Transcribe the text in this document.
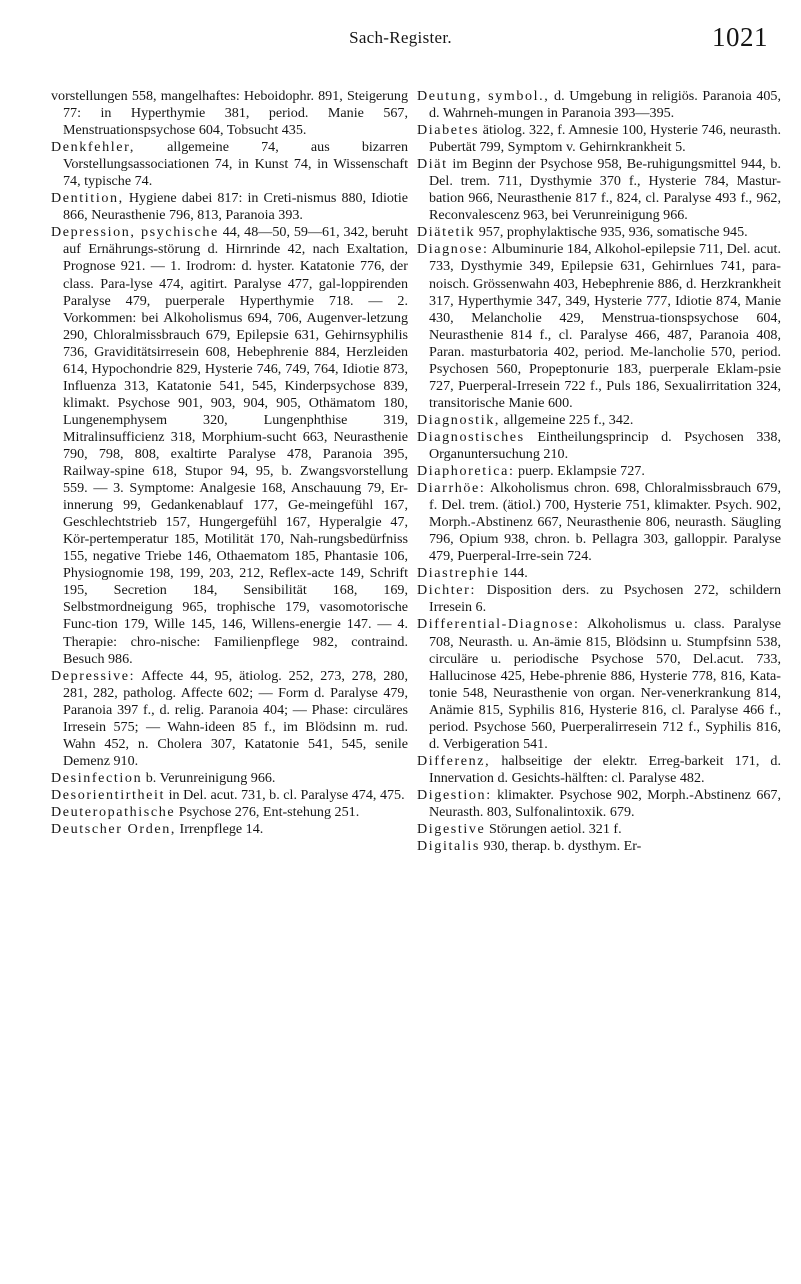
Sach-Register.	1021

vorstellungen 558, mangelhaftes: Heboidophr. 891, Steigerung 77: in Hyperthymie 381, period. Manie 567, Menstruationspsychose 604, Tobsucht 435.

Denkfehler, allgemeine 74, aus bizarren Vorstellungsassociationen 74, in Kunst 74, in Wissenschaft 74, typische 74.

Dentition, Hygiene dabei 817: in Creti-nismus 880, Idiotie 866, Neurasthenie 796, 813, Paranoia 393.

Depression, psychische 44, 48—50, 59—61, 342, beruht auf Ernährungs-störung d. Hirnrinde 42, nach Exaltation, Prognose 921. — 1. Irodrom: d. hyster. Katatonie 776, der class. Para-lyse 474, agitirt. Paralyse 477, gal-loppirenden Paralyse 479, puerperale Hyperthymie 718. — 2. Vorkommen: bei Alkoholismus 694, 706, Augenver-letzung 290, Chloralmissbrauch 679, Epilepsie 631, Gehirnsyphilis 736, Graviditätsirresein 608, Hebephrenie 884, Herzleiden 614, Hypochondrie 829, Hysterie 746, 749, 764, Idiotie 873, Influenza 313, Katatonie 541, 545, Kinderpsychose 839, klimakt. Psychose 901, 903, 904, 905, Othämatom 180, Lungenemphysem 320, Lungenphthise 319, Mitralinsufficienz 318, Morphium-sucht 663, Neurasthenie 790, 798, 808, exaltirte Paralyse 478, Paranoia 395, Railway-spine 618, Stupor 94, 95, b. Zwangsvorstellung 559. — 3. Symptome: Analgesie 168, Anschauung 79, Er-innerung 99, Gedankenablauf 177, Ge-meingefühl 167, Geschlechtstrieb 157, Hungergefühl 167, Hyperalgie 47, Kör-pertemperatur 185, Motilität 170, Nah-rungsbedürfniss 155, negative Triebe 146, Othaematom 185, Phantasie 106, Physiognomie 198, 199, 203, 212, Reflex-acte 149, Schrift 195, Secretion 184, Sensibilität 168, 169, Selbstmordneigung 965, trophische 179, vasomotorische Func-tion 179, Wille 145, 146, Willens-energie 147. — 4. Therapie: chro-nische: Familienpflege 982, contraind. Besuch 986.

Depressive: Affecte 44, 95, ätiolog. 252, 273, 278, 280, 281, 282, patholog. Affecte 602; — Form d. Paralyse 479, Paranoia 397 f., d. relig. Paranoia 404; — Phase: circuläres Irresein 575; — Wahn-ideen 85 f., im Blödsinn m. rud. Wahn 452, n. Cholera 307, Katatonie 541, 545, senile Demenz 910.

Desinfection b. Verunreinigung 966.

Desorientirtheit in Del. acut. 731, b. cl. Paralyse 474, 475.

Deuteropathische Psychose 276, Ent-stehung 251.

Deutscher Orden, Irrenpflege 14.

Deutung, symbol., d. Umgebung in religiös. Paranoia 405, d. Wahrneh-mungen in Paranoia 393—395.

Diabetes ätiolog. 322, f. Amnesie 100, Hysterie 746, neurasth. Pubertät 799, Symptom v. Gehirnkrankheit 5.

Diät im Beginn der Psychose 958, Be-ruhigungsmittel 944, b. Del. trem. 711, Dysthymie 370 f., Hysterie 784, Mastur-bation 966, Neurasthenie 817 f., 824, cl. Paralyse 493 f., 962, Reconvalescenz 963, bei Verunreinigung 966.

Diätetik 957, prophylaktische 935, 936, somatische 945.

Diagnose: Albuminurie 184, Alkohol-epilepsie 711, Del. acut. 733, Dysthymie 349, Epilepsie 631, Gehirnlues 741, para-noisch. Grössenwahn 403, Hebephrenie 886, d. Herzkrankheit 317, Hyperthymie 347, 349, Hysterie 777, Idiotie 874, Manie 430, Melancholie 429, Menstrua-tionspsychose 604, Neurasthenie 814 f., cl. Paralyse 466, 487, Paranoia 408, Paran. masturbatoria 402, period. Me-lancholie 570, period. Psychosen 560, Propeptonurie 183, puerperale Eklam-psie 727, Puerperal-Irresein 722 f., Puls 186, Sexualirritation 324, transitorische Manie 600.

Diagnostik, allgemeine 225 f., 342.

Diagnostisches Eintheilungsprincip d. Psychosen 338, Organuntersuchung 210.

Diaphoretica: puerp. Eklampsie 727.

Diarrhöe: Alkoholismus chron. 698, Chloralmissbrauch 679, f. Del. trem. (ätiol.) 700, Hysterie 751, klimakter. Psych. 902, Morph.-Abstinenz 667, Neurasthenie 806, neurasth. Säugling 796, Opium 938, chron. b. Pellagra 303, galloppir. Paralyse 479, Puerperal-Irre-sein 724.

Diastrephie 144.

Dichter: Disposition ders. zu Psychosen 272, schildern Irresein 6.

Differential-Diagnose: Alkoholismus u. class. Paralyse 708, Neurasth. u. An-ämie 815, Blödsinn u. Stumpfsinn 538, circuläre u. periodische Psychose 570, Del.acut. 733, Hallucinose 425, Hebe-phrenie 886, Hysterie 778, 816, Kata-tonie 548, Neurasthenie von organ. Ner-venerkrankung 814, Anämie 815, Syphilis 816, Hysterie 816, cl. Paralyse 466 f., period. Psychose 560, Puerperalirresein 712 f., Syphilis 816, d. Verbigeration 541.

Differenz, halbseitige der elektr. Erreg-barkeit 171, d. Innervation d. Gesichts-hälften: cl. Paralyse 482.

Digestion: klimakter. Psychose 902, Morph.-Abstinenz 667, Neurasth. 803, Sulfonalintoxik. 679.

Digestive Störungen aetiol. 321 f.

Digitalis 930, therap. b. dysthym. Er-
